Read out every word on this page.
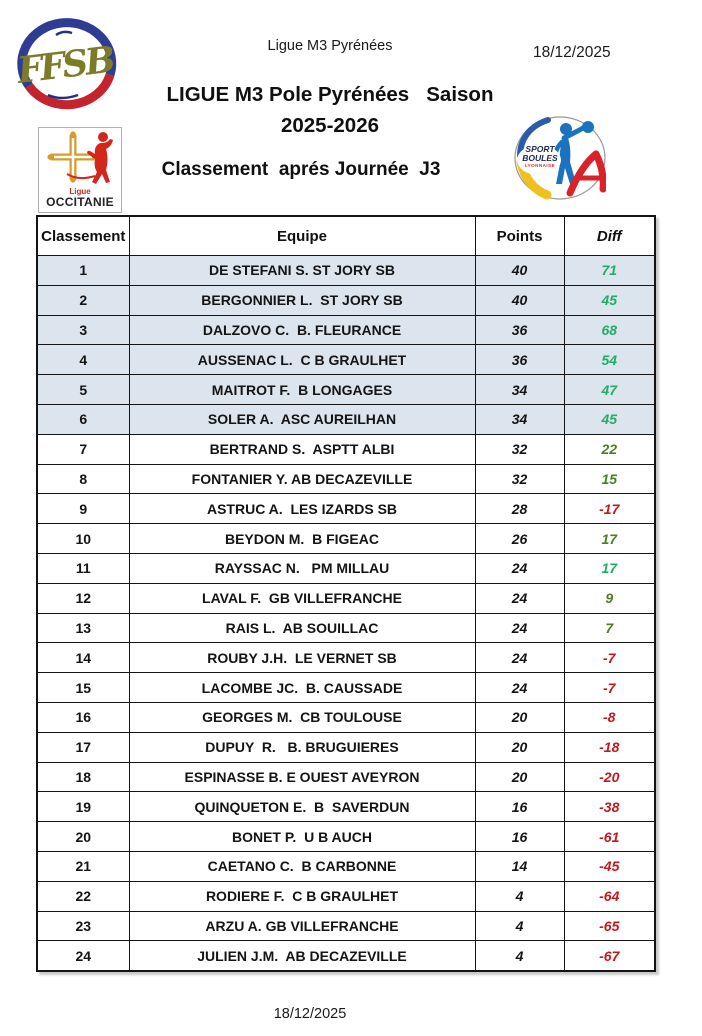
FFSB	Ligue M3 Pyrénées	18/12/2025
LIGUE M3 Pole Pyrénées   Saison
2025-2026
Classement  aprés Journée  J3
Ligue
OCCITANIE
SPORT
BOULES
LYONNAISE
Classement	Equipe	Points	Diff
1	DE STEFANI S. ST JORY SB	40	71
2	BERGONNIER L.  ST JORY SB	40	45
3	DALZOVO C.  B. FLEURANCE	36	68
4	AUSSENAC L.  C B GRAULHET	36	54
5	MAITROT F.  B LONGAGES	34	47
6	SOLER A.  ASC AUREILHAN	34	45
7	BERTRAND S.  ASPTT ALBI	32	22
8	FONTANIER Y. AB DECAZEVILLE	32	15
9	ASTRUC A.  LES IZARDS SB	28	-17
10	BEYDON M.  B FIGEAC	26	17
11	RAYSSAC N.   PM MILLAU	24	17
12	LAVAL F.  GB VILLEFRANCHE	24	9
13	RAIS L.  AB SOUILLAC	24	7
14	ROUBY J.H.  LE VERNET SB	24	-7
15	LACOMBE JC.  B. CAUSSADE	24	-7
16	GEORGES M.  CB TOULOUSE	20	-8
17	DUPUY  R.   B. BRUGUIERES	20	-18
18	ESPINASSE B. E OUEST AVEYRON	20	-20
19	QUINQUETON E.  B  SAVERDUN	16	-38
20	BONET P.  U B AUCH	16	-61
21	CAETANO C.  B CARBONNE	14	-45
22	RODIERE F.  C B GRAULHET	4	-64
23	ARZU A. GB VILLEFRANCHE	4	-65
24	JULIEN J.M.  AB DECAZEVILLE	4	-67
18/12/2025
